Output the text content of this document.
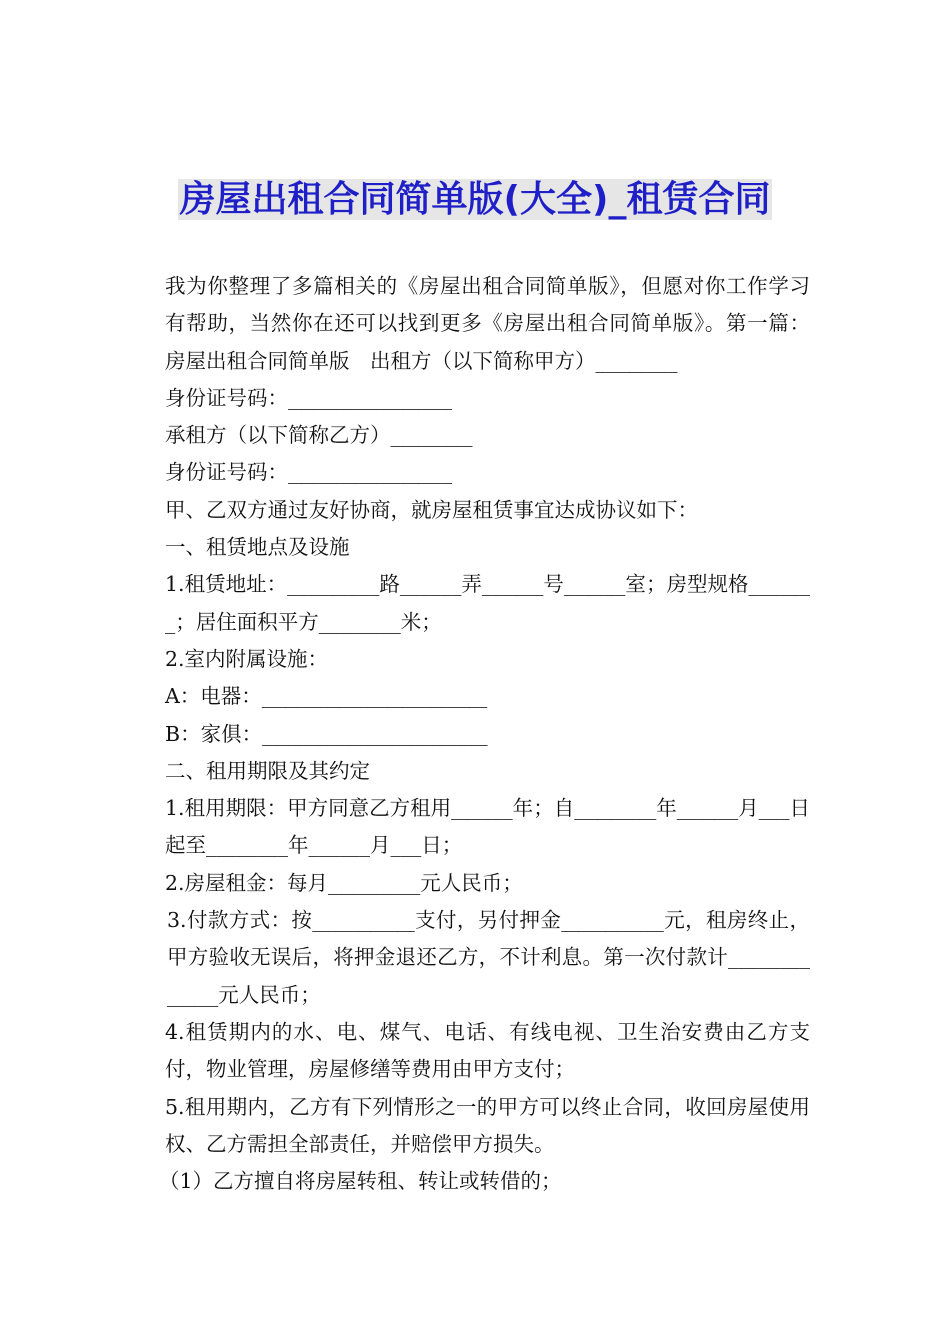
房屋出租合同简单版(大全)_租赁合同

我为你整理了多篇相关的《房屋出租合同简单版》，但愿对你工作学习有帮助，当然你在还可以找到更多《房屋出租合同简单版》。第一篇：房屋出租合同简单版　出租方（以下简称甲方）________

身份证号码：________________

承租方（以下简称乙方）________

身份证号码：________________

甲、乙双方通过友好协商，就房屋租赁事宜达成协议如下：

一、租赁地点及设施

1.租赁地址：_________路______弄______号______室；房型规格_______；居住面积平方________米；

2.室内附属设施：

A：电器：______________________

B：家俱：______________________

二、租用期限及其约定

1.租用期限：甲方同意乙方租用______年；自________年______月___日起至________年______月___日；

2.房屋租金：每月_________元人民币；

3.付款方式：按__________支付，另付押金__________元，租房终止，甲方验收无误后，将押金退还乙方，不计利息。第一次付款计_____________元人民币；

4.租赁期内的水、电、煤气、电话、有线电视、卫生治安费由乙方支付，物业管理，房屋修缮等费用由甲方支付；

5.租用期内，乙方有下列情形之一的甲方可以终止合同，收回房屋使用权、乙方需担全部责任，并赔偿甲方损失。

（1）乙方擅自将房屋转租、转让或转借的；
